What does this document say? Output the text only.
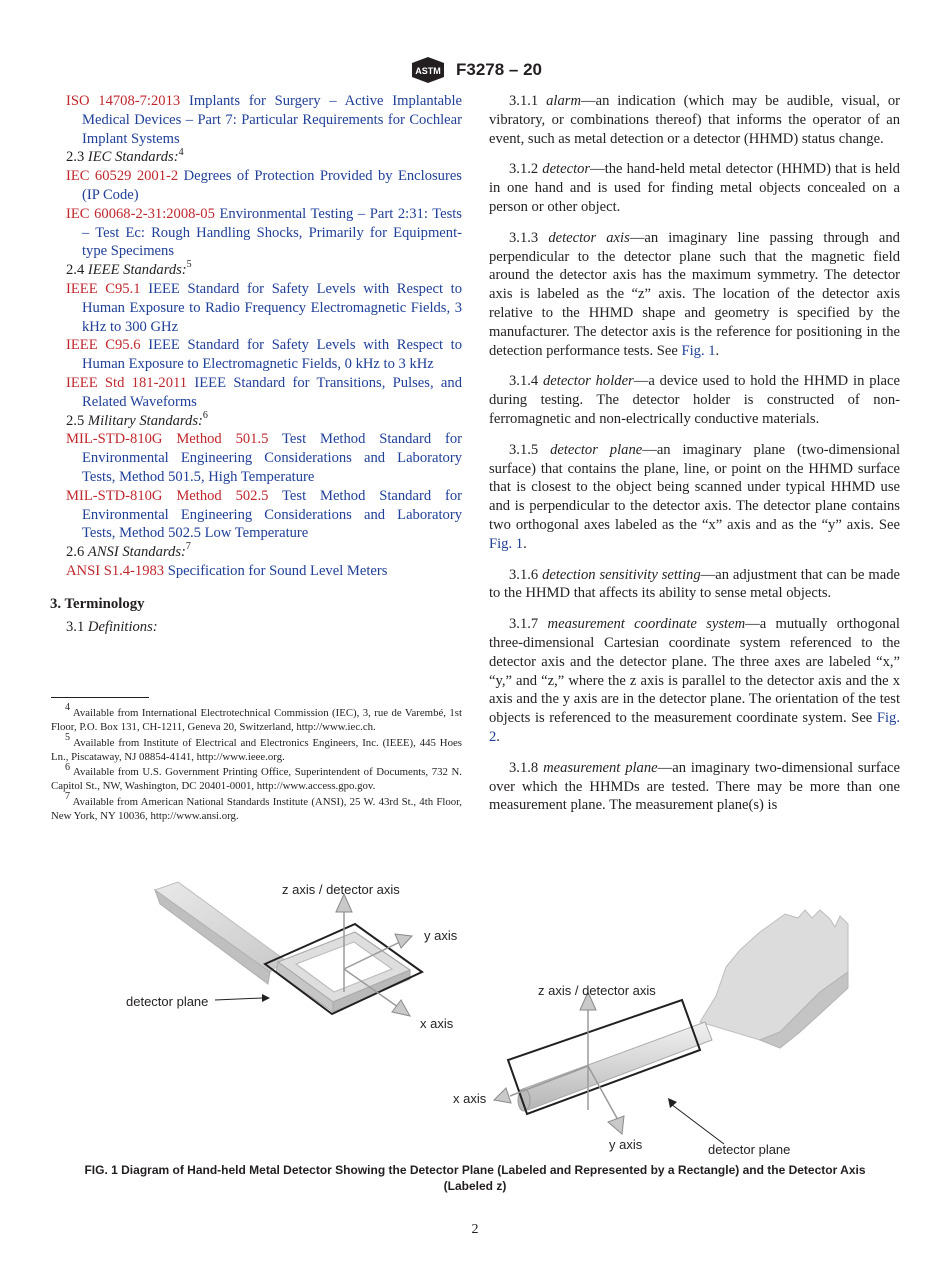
ASTM F3278 – 20

ISO 14708-7:2013 Implants for Surgery – Active Implantable Medical Devices – Part 7: Particular Requirements for Cochlear Implant Systems

2.3 IEC Standards:$^4$

IEC 60529 2001-2 Degrees of Protection Provided by Enclosures (IP Code)

IEC 60068-2-31:2008-05 Environmental Testing – Part 2:31: Tests – Test Ec: Rough Handling Shocks, Primarily for Equipment-type Specimens

2.4 IEEE Standards:$^5$

IEEE C95.1 IEEE Standard for Safety Levels with Respect to Human Exposure to Radio Frequency Electromagnetic Fields, 3 kHz to 300 GHz

IEEE C95.6 IEEE Standard for Safety Levels with Respect to Human Exposure to Electromagnetic Fields, 0 kHz to 3 kHz

IEEE Std 181-2011 IEEE Standard for Transitions, Pulses, and Related Waveforms

2.5 Military Standards:$^6$

MIL-STD-810G Method 501.5 Test Method Standard for Environmental Engineering Considerations and Laboratory Tests, Method 501.5, High Temperature

MIL-STD-810G Method 502.5 Test Method Standard for Environmental Engineering Considerations and Laboratory Tests, Method 502.5 Low Temperature

2.6 ANSI Standards:$^7$

ANSI S1.4-1983 Specification for Sound Level Meters

3. Terminology

3.1 Definitions:

$^4$ Available from International Electrotechnical Commission (IEC), 3, rue de Varembé, 1st Floor, P.O. Box 131, CH-1211, Geneva 20, Switzerland, http://www.iec.ch.

$^5$ Available from Institute of Electrical and Electronics Engineers, Inc. (IEEE), 445 Hoes Ln., Piscataway, NJ 08854-4141, http://www.ieee.org.

$^6$ Available from U.S. Government Printing Office, Superintendent of Documents, 732 N. Capitol St., NW, Washington, DC 20401-0001, http://www.access.gpo.gov.

$^7$ Available from American National Standards Institute (ANSI), 25 W. 43rd St., 4th Floor, New York, NY 10036, http://www.ansi.org.

3.1.1 alarm—an indication (which may be audible, visual, or vibratory, or combinations thereof) that informs the operator of an event, such as metal detection or a detector (HHMD) status change.

3.1.2 detector—the hand-held metal detector (HHMD) that is held in one hand and is used for finding metal objects concealed on a person or other object.

3.1.3 detector axis—an imaginary line passing through and perpendicular to the detector plane such that the magnetic field around the detector axis has the maximum symmetry. The detector axis is labeled as the “z” axis. The location of the detector axis relative to the HHMD shape and geometry is specified by the manufacturer. The detector axis is the reference for positioning in the detection performance tests. See Fig. 1.

3.1.4 detector holder—a device used to hold the HHMD in place during testing. The detector holder is constructed of non-ferromagnetic and non-electrically conductive materials.

3.1.5 detector plane—an imaginary plane (two-dimensional surface) that contains the plane, line, or point on the HHMD surface that is closest to the object being scanned under typical HHMD use and is perpendicular to the detector axis. The detector plane contains two orthogonal axes labeled as the “x” axis and as the “y” axis. See Fig. 1.

3.1.6 detection sensitivity setting—an adjustment that can be made to the HHMD that affects its ability to sense metal objects.

3.1.7 measurement coordinate system—a mutually orthogonal three-dimensional Cartesian coordinate system referenced to the detector axis and the detector plane. The three axes are labeled “x,” “y,” and “z,” where the z axis is parallel to the detector axis and the x axis and the y axis are in the detector plane. The orientation of the test objects is referenced to the measurement coordinate system. See Fig. 2.

3.1.8 measurement plane—an imaginary two-dimensional surface over which the HHMDs are tested. There may be more than one measurement plane. The measurement plane(s) is

z axis / detector axis
y axis
x axis
detector plane
z axis / detector axis
x axis
y axis	detector plane
FIG. 1 Diagram of Hand-held Metal Detector Showing the Detector Plane (Labeled and Represented by a Rectangle) and the Detector Axis (Labeled z)
2
